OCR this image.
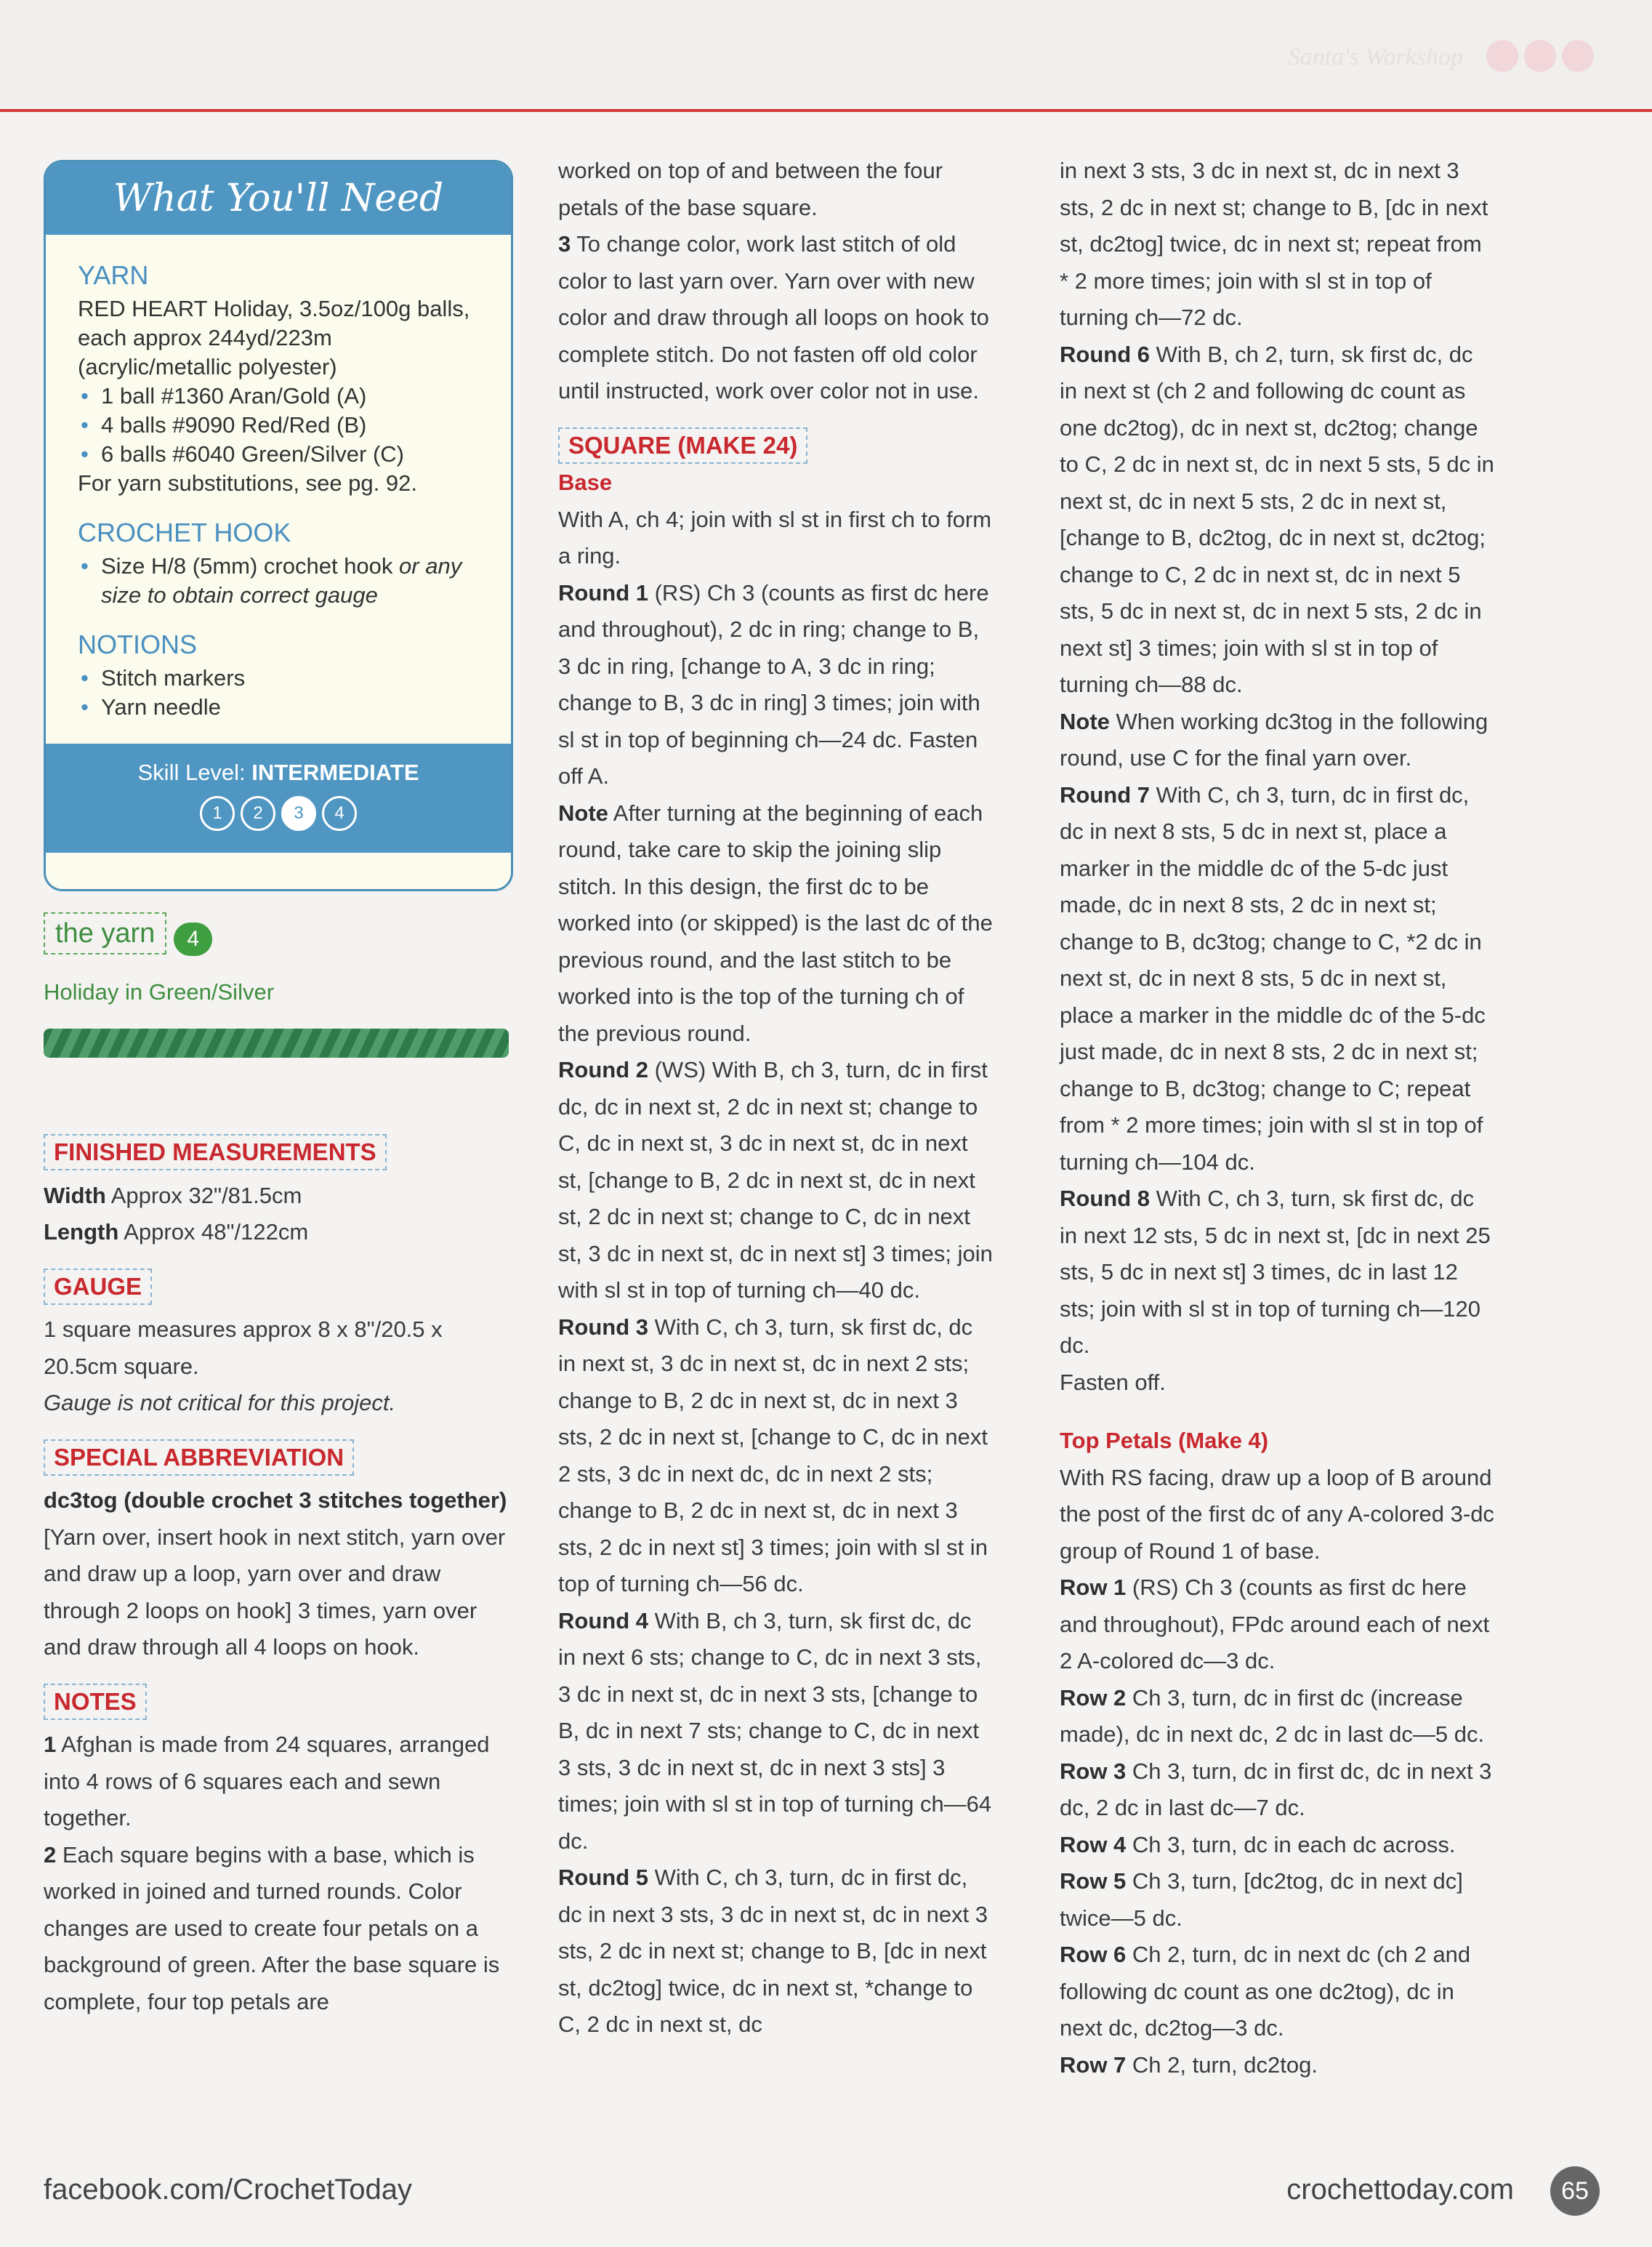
Santa's Workshop
What You'll Need
YARN
RED HEART Holiday, 3.5oz/100g balls, each approx 244yd/223m (acrylic/metallic polyester)
• 1 ball #1360 Aran/Gold (A)
• 4 balls #9090 Red/Red (B)
• 6 balls #6040 Green/Silver (C)
For yarn substitutions, see pg. 92.
CROCHET HOOK
• Size H/8 (5mm) crochet hook or any size to obtain correct gauge
NOTIONS
• Stitch markers
• Yarn needle
Skill Level: INTERMEDIATE
1 2 3 4
the yarn 4
Holiday in Green/Silver
FINISHED MEASUREMENTS

Width Approx 32"/81.5cm

Length Approx 48"/122cm

GAUGE

1 square measures approx 8 x 8"/20.5 x 20.5cm square.

Gauge is not critical for this project.

SPECIAL ABBREVIATION

dc3tog (double crochet 3 stitches together) [Yarn over, insert hook in next stitch, yarn over and draw up a loop, yarn over and draw through 2 loops on hook] 3 times, yarn over and draw through all 4 loops on hook.

NOTES

1 Afghan is made from 24 squares, arranged into 4 rows of 6 squares each and sewn together.

2 Each square begins with a base, which is worked in joined and turned rounds. Color changes are used to create four petals on a background of green. After the base square is complete, four top petals are

worked on top of and between the four petals of the base square.

3 To change color, work last stitch of old color to last yarn over. Yarn over with new color and draw through all loops on hook to complete stitch. Do not fasten off old color until instructed, work over color not in use.

SQUARE (MAKE 24)

Base

With A, ch 4; join with sl st in first ch to form a ring.

Round 1 (RS) Ch 3 (counts as first dc here and throughout), 2 dc in ring; change to B, 3 dc in ring, [change to A, 3 dc in ring; change to B, 3 dc in ring] 3 times; join with sl st in top of beginning ch—24 dc. Fasten off A.

Note After turning at the beginning of each round, take care to skip the joining slip stitch. In this design, the first dc to be worked into (or skipped) is the last dc of the previous round, and the last stitch to be worked into is the top of the turning ch of the previous round.

Round 2 (WS) With B, ch 3, turn, dc in first dc, dc in next st, 2 dc in next st; change to C, dc in next st, 3 dc in next st, dc in next st, [change to B, 2 dc in next st, dc in next st, 2 dc in next st; change to C, dc in next st, 3 dc in next st, dc in next st] 3 times; join with sl st in top of turning ch—40 dc.

Round 3 With C, ch 3, turn, sk first dc, dc in next st, 3 dc in next st, dc in next 2 sts; change to B, 2 dc in next st, dc in next 3 sts, 2 dc in next st, [change to C, dc in next 2 sts, 3 dc in next dc, dc in next 2 sts; change to B, 2 dc in next st, dc in next 3 sts, 2 dc in next st] 3 times; join with sl st in top of turning ch—56 dc.

Round 4 With B, ch 3, turn, sk first dc, dc in next 6 sts; change to C, dc in next 3 sts, 3 dc in next st, dc in next 3 sts, [change to B, dc in next 7 sts; change to C, dc in next 3 sts, 3 dc in next st, dc in next 3 sts] 3 times; join with sl st in top of turning ch—64 dc.

Round 5 With C, ch 3, turn, dc in first dc, dc in next 3 sts, 3 dc in next st, dc in next 3 sts, 2 dc in next st; change to B, [dc in next st, dc2tog] twice, dc in next st, *change to C, 2 dc in next st, dc

in next 3 sts, 3 dc in next st, dc in next 3 sts, 2 dc in next st; change to B, [dc in next st, dc2tog] twice, dc in next st; repeat from * 2 more times; join with sl st in top of turning ch—72 dc.

Round 6 With B, ch 2, turn, sk first dc, dc in next st (ch 2 and following dc count as one dc2tog), dc in next st, dc2tog; change to C, 2 dc in next st, dc in next 5 sts, 5 dc in next st, dc in next 5 sts, 2 dc in next st, [change to B, dc2tog, dc in next st, dc2tog; change to C, 2 dc in next st, dc in next 5 sts, 5 dc in next st, dc in next 5 sts, 2 dc in next st] 3 times; join with sl st in top of turning ch—88 dc.

Note When working dc3tog in the following round, use C for the final yarn over.

Round 7 With C, ch 3, turn, dc in first dc, dc in next 8 sts, 5 dc in next st, place a marker in the middle dc of the 5-dc just made, dc in next 8 sts, 2 dc in next st; change to B, dc3tog; change to C, *2 dc in next st, dc in next 8 sts, 5 dc in next st, place a marker in the middle dc of the 5-dc just made, dc in next 8 sts, 2 dc in next st; change to B, dc3tog; change to C; repeat from * 2 more times; join with sl st in top of turning ch—104 dc.

Round 8 With C, ch 3, turn, sk first dc, dc in next 12 sts, 5 dc in next st, [dc in next 25 sts, 5 dc in next st] 3 times, dc in last 12 sts; join with sl st in top of turning ch—120 dc.

Fasten off.

Top Petals (Make 4)

With RS facing, draw up a loop of B around the post of the first dc of any A-colored 3-dc group of Round 1 of base.

Row 1 (RS) Ch 3 (counts as first dc here and throughout), FPdc around each of next 2 A-colored dc—3 dc.

Row 2 Ch 3, turn, dc in first dc (increase made), dc in next dc, 2 dc in last dc—5 dc.

Row 3 Ch 3, turn, dc in first dc, dc in next 3 dc, 2 dc in last dc—7 dc.

Row 4 Ch 3, turn, dc in each dc across.

Row 5 Ch 3, turn, [dc2tog, dc in next dc] twice—5 dc.

Row 6 Ch 2, turn, dc in next dc (ch 2 and following dc count as one dc2tog), dc in next dc, dc2tog—3 dc.

Row 7 Ch 2, turn, dc2tog.

facebook.com/CrochetToday	crochettoday.com	65
